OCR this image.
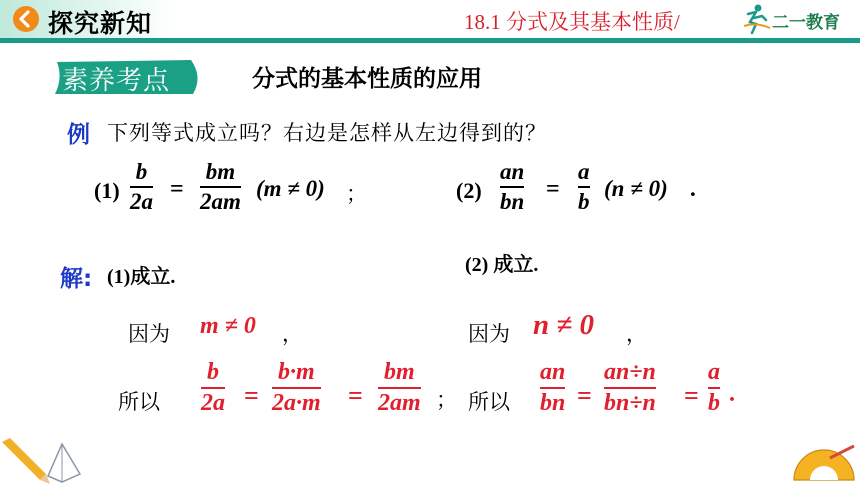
探究新知	18.1 分式及其基本性质/	二一教育
素养考点	分式的基本性质的应用
例 下列等式成立吗？右边是怎样从左边得到的？
(1)
b
2a =
bm
2am
(m ≠ 0) ；	(2)
an
bn =
a
b
(n ≠ 0) .
解: (1)成立.
(2) 成立.
因为 m ≠ 0 ，
所以
b
2a =
b·m
2a·m =
bm
2am ；
因为 n ≠ 0 ，
所以
an
bn =
an÷n
bn÷n =
a
b .
